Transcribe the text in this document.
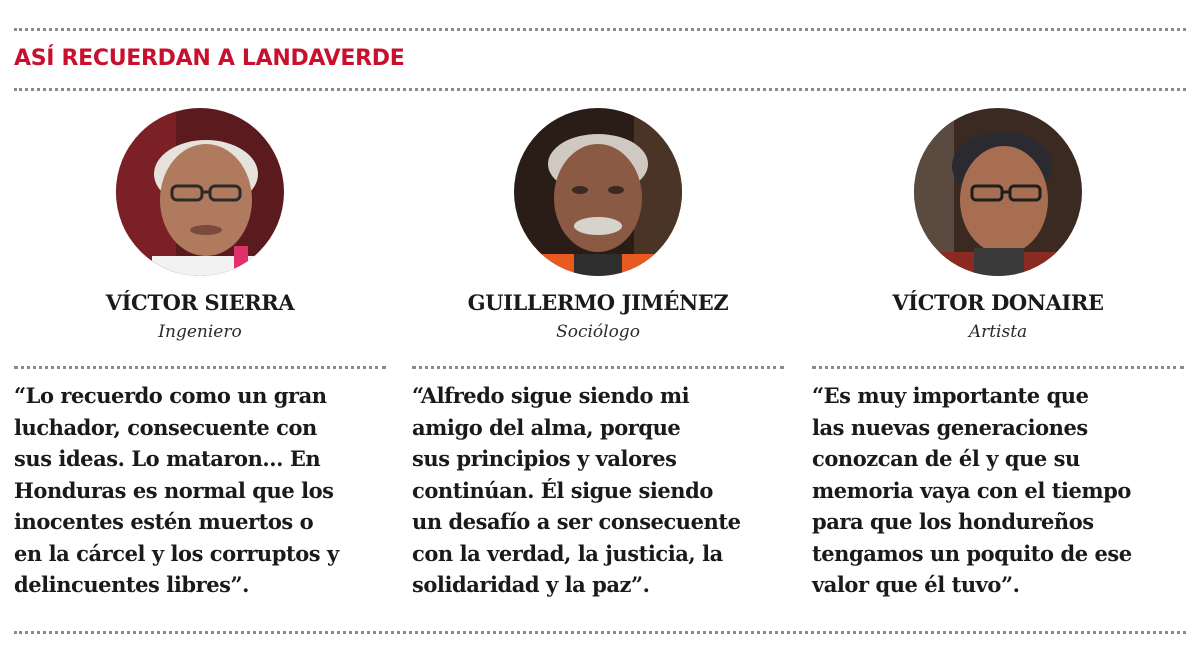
ASÍ RECUERDAN A LANDAVERDE
VÍCTOR SIERRA
Ingeniero

“Lo recuerdo como un gran
luchador, consecuente con
sus ideas. Lo mataron... En
Honduras es normal que los
inocentes estén muertos o
en la cárcel y los corruptos y
delincuentes libres”.

GUILLERMO JIMÉNEZ
Sociólogo

“Alfredo sigue siendo mi
amigo del alma, porque
sus principios y valores
continúan. Él sigue siendo
un desafío a ser consecuente
con la verdad, la justicia, la
solidaridad y la paz”.

VÍCTOR DONAIRE
Artista

“Es muy importante que
las nuevas generaciones
conozcan de él y que su
memoria vaya con el tiempo
para que los hondureños
tengamos un poquito de ese
valor que él tuvo”.
